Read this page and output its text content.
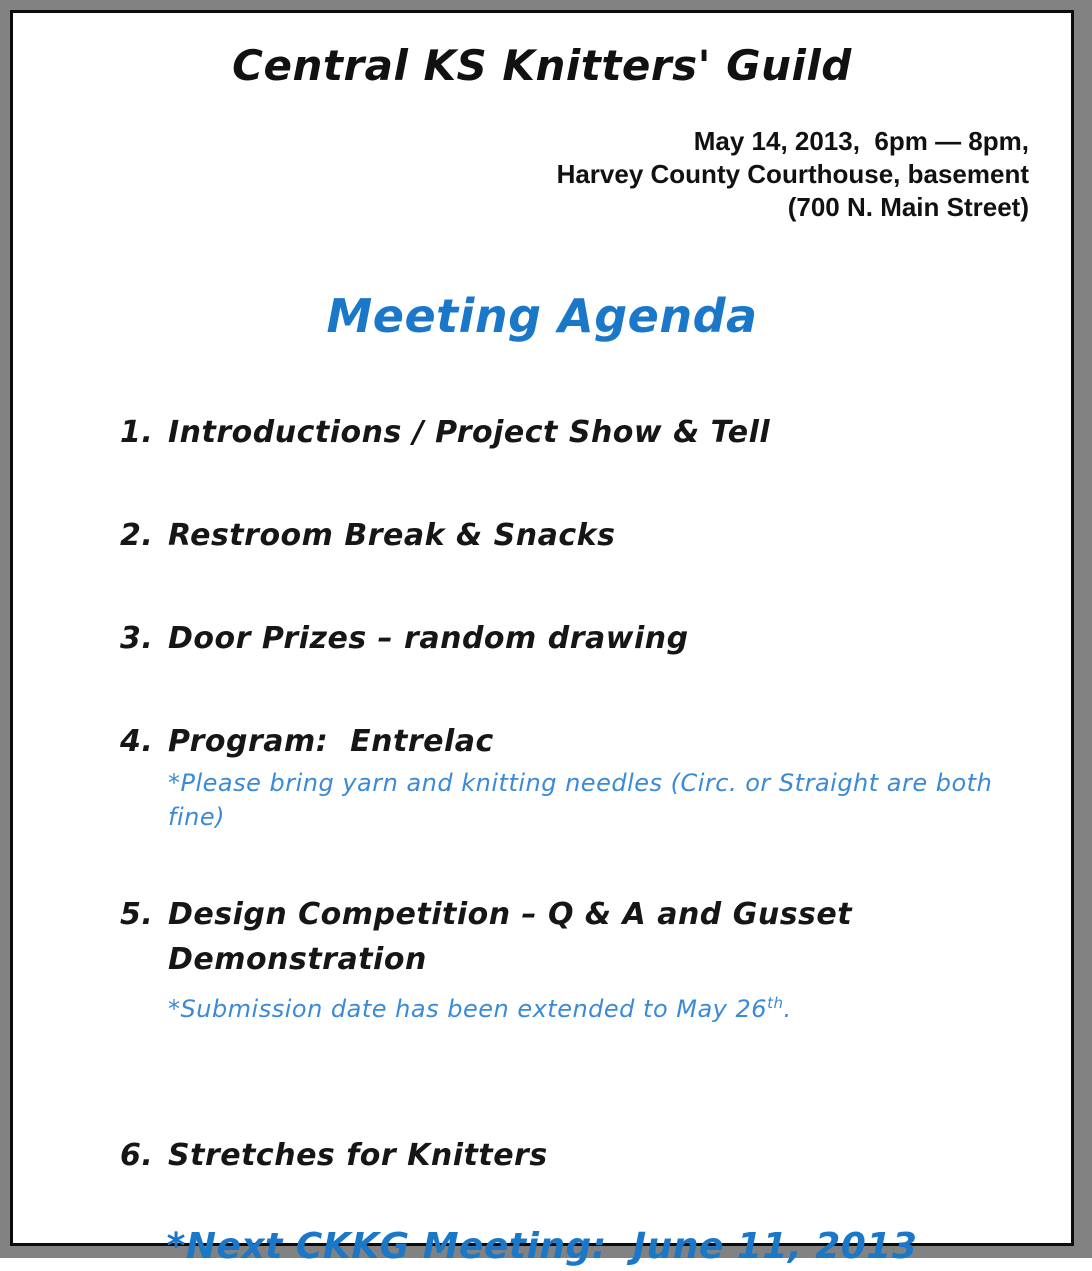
Central KS Knitters' Guild
May 14, 2013,  6pm — 8pm,
Harvey County Courthouse, basement
(700 N. Main Street)
Meeting Agenda
1. Introductions / Project Show & Tell
2. Restroom Break & Snacks
3. Door Prizes – random drawing
4. Program:  Entrelac
*Please bring yarn and knitting needles (Circ. or Straight are both fine)
5. Design Competition – Q & A and Gusset Demonstration
*Submission date has been extended to May 26th.
6. Stretches for Knitters
*Next CKKG Meeting:  June 11, 2013
